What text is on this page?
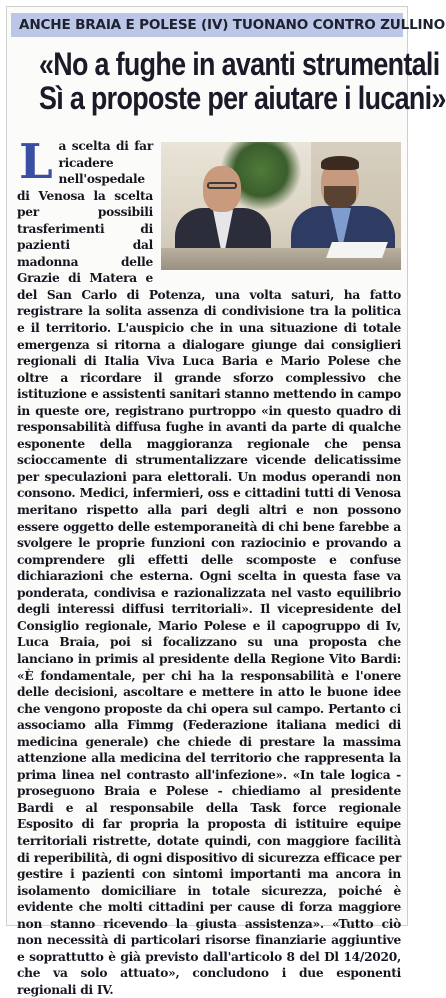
ANCHE BRAIA E POLESE (IV) TUONANO CONTRO ZULLINO
«No a fughe in avanti strumentali
Sì a proposte per aiutare i lucani»
L a scelta di far ricadere nell'ospedale di Venosa la scelta per possibili trasferimenti di pazienti dal madonna delle Grazie di Matera e del San Carlo di Potenza, una volta saturi, ha fatto registrare la solita assenza di condivisione tra la politica e il territorio. L'auspicio che in una situazione di totale emergenza si ritorna a dialogare giunge dai consiglieri regionali di Italia Viva Luca Baria e Mario Polese che oltre a ricordare il grande sforzo complessivo che istituzione e assistenti sanitari stanno mettendo in campo in queste ore, registrano purtroppo «in questo quadro di responsabilità diffusa fughe in avanti da parte di qualche esponente della maggioranza regionale che pensa scioccamente di strumentalizzare vicende delicatissime per speculazioni para elettorali. Un modus operandi non consono. Medici, infermieri, oss e cittadini tutti di Venosa meritano rispetto alla pari degli altri e non possono essere oggetto delle estemporaneità di chi bene farebbe a svolgere le proprie funzioni con raziocinio e provando a comprendere gli effetti delle scomposte e confuse dichiarazioni che esterna. Ogni scelta in questa fase va ponderata, condivisa e razionalizzata nel vasto equilibrio degli interessi diffusi territoriali». Il vicepresidente del Consiglio regionale, Mario Polese e il capogruppo di Iv, Luca Braia, poi si focalizzano su una proposta che lanciano in primis al presidente della Regione Vito Bardi: «È fondamentale, per chi ha la responsabilità e l'onere delle decisioni, ascoltare e mettere in atto le buone idee che vengono proposte da chi opera sul campo. Pertanto ci associamo alla Fimmg (Federazione italiana medici di medicina generale) che chiede di prestare la massima attenzione alla medicina del territorio che rappresenta la prima linea nel contrasto all'infezione». «In tale logica - proseguono Braia e Polese - chiediamo al presidente Bardi e al responsabile della Task force regionale Esposito di far propria la proposta di istituire equipe territoriali ristrette, dotate quindi, con maggiore facilità di reperibilità, di ogni dispositivo di sicurezza efficace per gestire i pazienti con sintomi importanti ma ancora in isolamento domiciliare in totale sicurezza, poiché è evidente che molti cittadini per cause di forza maggiore non stanno ricevendo la giusta assistenza». «Tutto ciò non necessità di particolari risorse finanziarie aggiuntive e soprattutto è già previsto dall'articolo 8 del Dl 14/2020, che va solo attuato», concludono i due esponenti regionali di IV.
